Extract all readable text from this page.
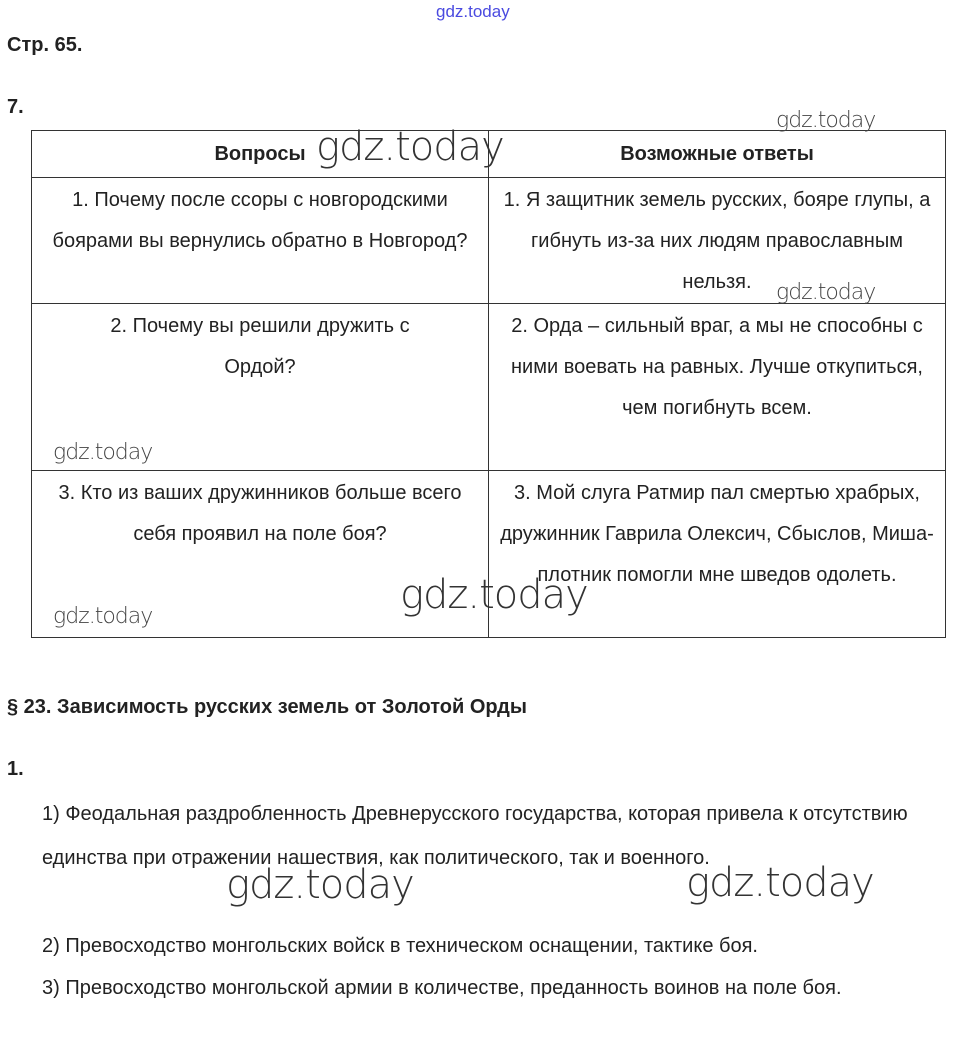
gdz.today
Стр. 65.
7.
Вопросы	Возможные ответы
1. Почему после ссоры с новгородскими боярами вы вернулись обратно в Новгород?	1. Я защитник земель русских, бояре глупы, а гибнуть из-за них людям православным нельзя.
2. Почему вы решили дружить с Ордой?	2. Орда – сильный враг, а мы не способны с ними воевать на равных. Лучше откупиться, чем погибнуть всем.
3. Кто из ваших дружинников больше всего себя проявил на поле боя?	3. Мой слуга Ратмир пал смертью храбрых, дружинник Гаврила Олексич, Сбыслов, Миша-плотник помогли мне шведов одолеть.
§ 23. Зависимость русских земель от Золотой Орды
1.
1) Феодальная раздробленность Древнерусского государства, которая привела к отсутствию единства при отражении нашествия, как политического, так и военного.
2) Превосходство монгольских войск в техническом оснащении, тактике боя.
3) Превосходство монгольской армии в количестве, преданность воинов на поле боя.
gdz.today
gdz.today
gdz.today
gdz.today
gdz.today
gdz.today
gdz.today	gdz.today
